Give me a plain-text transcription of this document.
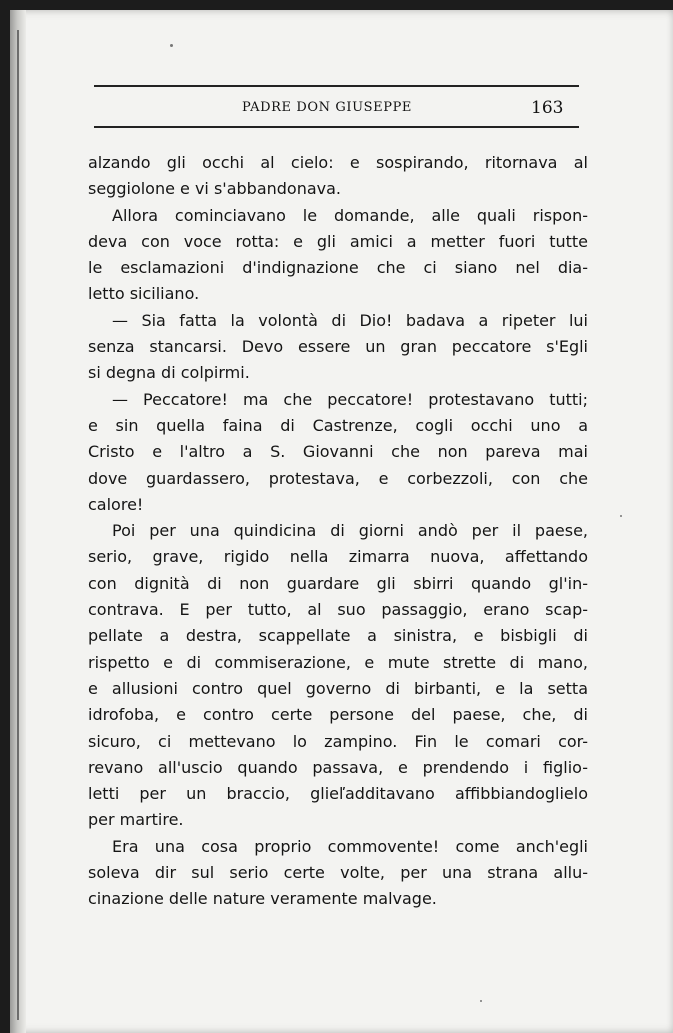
PADRE DON GIUSEPPE	163
alzando gli occhi al cielo: e sospirando, ritornava al
seggiolone e vi s'abbandonava.
Allora cominciavano le domande, alle quali rispon-
deva con voce rotta: e gli amici a metter fuori tutte
le esclamazioni d'indignazione che ci siano nel dia-
letto siciliano.
— Sia fatta la volontà di Dio! badava a ripeter lui
senza stancarsi. Devo essere un gran peccatore s'Egli
si degna di colpirmi.
— Peccatore! ma che peccatore! protestavano tutti;
e sin quella faina di Castrenze, cogli occhi uno a
Cristo e l'altro a S. Giovanni che non pareva mai
dove guardassero, protestava, e corbezzoli, con che
calore!
Poi per una quindicina di giorni andò per il paese,
serio, grave, rigido nella zimarra nuova, affettando
con dignità di non guardare gli sbirri quando gl'in-
contrava. E per tutto, al suo passaggio, erano scap-
pellate a destra, scappellate a sinistra, e bisbigli di
rispetto e di commiserazione, e mute strette di mano,
e allusioni contro quel governo di birbanti, e la setta
idrofoba, e contro certe persone del paese, che, di
sicuro, ci mettevano lo zampino. Fin le comari cor-
revano all'uscio quando passava, e prendendo i figlio-
letti per un braccio, glieľadditavano affibbiandoglielo
per martire.
Era una cosa proprio commovente! come anch'egli
soleva dir sul serio certe volte, per una strana allu-
cinazione delle nature veramente malvage.
